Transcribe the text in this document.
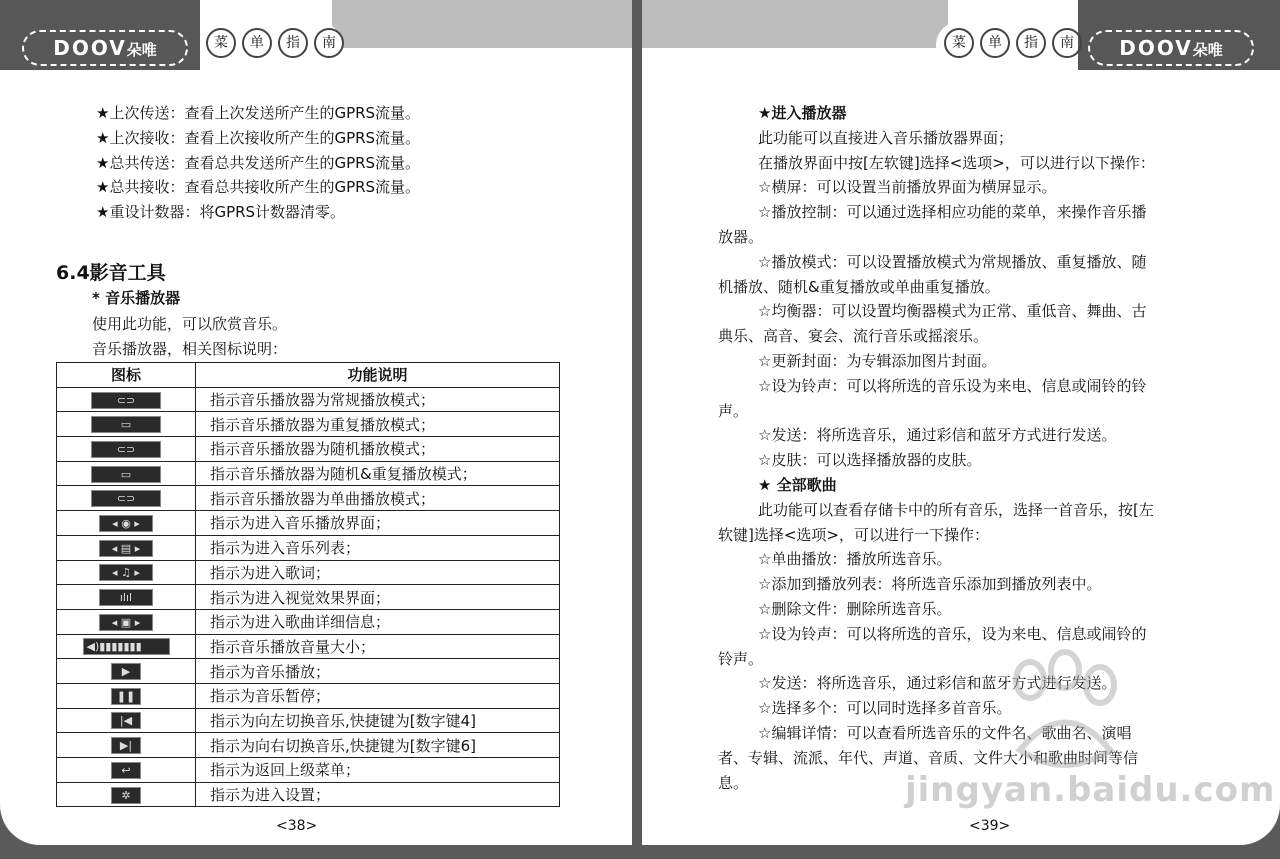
DOOV朵唯	菜	单	指	南	DOOV朵唯
菜	单	指	南

★上次传送：查看上次发送所产生的GPRS流量。

★上次接收：查看上次接收所产生的GPRS流量。

★总共传送：查看总共发送所产生的GPRS流量。

★总共接收：查看总共接收所产生的GPRS流量。

★重设计数器：将GPRS计数器清零。

6.4影音工具
* 音乐播放器

使用此功能，可以欣赏音乐。

音乐播放器，相关图标说明：

图标	功能说明
⊂⊃	指示音乐播放器为常规播放模式；
▭	指示音乐播放器为重复播放模式；
⊂⊃	指示音乐播放器为随机播放模式；
▭	指示音乐播放器为随机&重复播放模式；
⊂⊃	指示音乐播放器为单曲播放模式；
◂ ◉ ▸	指示为进入音乐播放界面；
◂ ▤ ▸	指示为进入音乐列表；
◂ ♫ ▸	指示为进入歌词；
ılıl	指示为进入视觉效果界面；
◂ ▣ ▸	指示为进入歌曲详细信息；
◀)▮▮▮▮▮▮▮	指示音乐播放音量大小；
▶	指示为音乐播放；
❚❚	指示为音乐暂停；
|◀	指示为向左切换音乐,快捷键为[数字键4]
▶|	指示为向右切换音乐,快捷键为[数字键6]
↩	指示为返回上级菜单；
✲	指示为进入设置；
<38>

★进入播放器

此功能可以直接进入音乐播放器界面；

在播放界面中按[左软键]选择<选项>，可以进行以下操作：

☆横屏：可以设置当前播放界面为横屏显示。

☆播放控制：可以通过选择相应功能的菜单，来操作音乐播

放器。

☆播放模式：可以设置播放模式为常规播放、重复播放、随

机播放、随机&重复播放或单曲重复播放。

☆均衡器：可以设置均衡器模式为正常、重低音、舞曲、古

典乐、高音、宴会、流行音乐或摇滚乐。

☆更新封面：为专辑添加图片封面。

☆设为铃声：可以将所选的音乐设为来电、信息或闹铃的铃

声。

☆发送：将所选音乐，通过彩信和蓝牙方式进行发送。

☆皮肤：可以选择播放器的皮肤。

★ 全部歌曲

此功能可以查看存储卡中的所有音乐，选择一首音乐，按[左

软键]选择<选项>，可以进行一下操作：

☆单曲播放：播放所选音乐。

☆添加到播放列表：将所选音乐添加到播放列表中。

☆删除文件：删除所选音乐。

☆设为铃声：可以将所选的音乐，设为来电、信息或闹铃的

铃声。

☆发送：将所选音乐，通过彩信和蓝牙方式进行发送。

☆选择多个：可以同时选择多首音乐。

☆编辑详情：可以查看所选音乐的文件名、歌曲名、演唱

者、专辑、流派、年代、声道、音质、文件大小和歌曲时间等信

息。

<39>
jingyan.baidu.com
